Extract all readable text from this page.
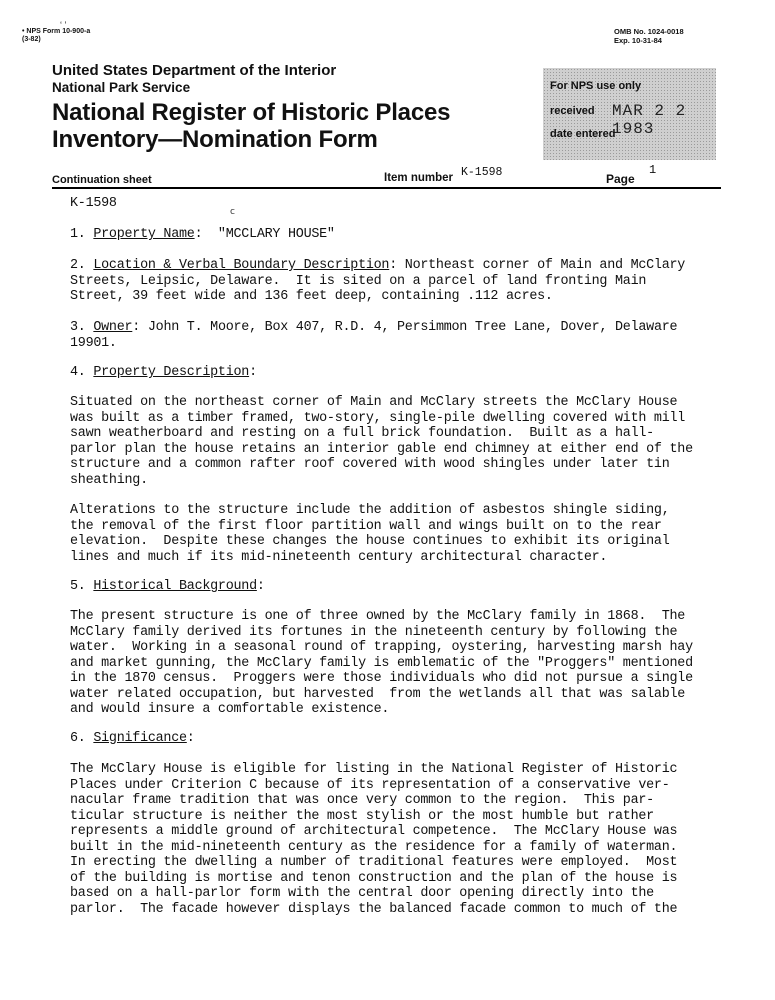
‘ ’
• NPS Form 10-900-a
(3-82)
OMB No. 1024-0018
Exp. 10-31-84
United States Department of the Interior
National Park Service
National Register of Historic Places
Inventory—Nomination Form
For NPS use only
received MAR 2 2 1983
date entered
Continuation sheet	Item number K-1598	Page
1
K-1598
c
1. Property Name:  "MCCLARY HOUSE"
2. Location & Verbal Boundary Description: Northeast corner of Main and McClary
Streets, Leipsic, Delaware.  It is sited on a parcel of land fronting Main
Street, 39 feet wide and 136 feet deep, containing .112 acres.
3. Owner: John T. Moore, Box 407, R.D. 4, Persimmon Tree Lane, Dover, Delaware
19901.
4. Property Description:
Situated on the northeast corner of Main and McClary streets the McClary House
was built as a timber framed, two-story, single-pile dwelling covered with mill
sawn weatherboard and resting on a full brick foundation.  Built as a hall-
parlor plan the house retains an interior gable end chimney at either end of the
structure and a common rafter roof covered with wood shingles under later tin
sheathing.
Alterations to the structure include the addition of asbestos shingle siding,
the removal of the first floor partition wall and wings built on to the rear
elevation.  Despite these changes the house continues to exhibit its original
lines and much if its mid-nineteenth century architectural character.
5. Historical Background:
The present structure is one of three owned by the McClary family in 1868.  The
McClary family derived its fortunes in the nineteenth century by following the
water.  Working in a seasonal round of trapping, oystering, harvesting marsh hay
and market gunning, the McClary family is emblematic of the "Proggers" mentioned
in the 1870 census.  Proggers were those individuals who did not pursue a single
water related occupation, but harvested  from the wetlands all that was salable
and would insure a comfortable existence.
6. Significance:
The McClary House is eligible for listing in the National Register of Historic
Places under Criterion C because of its representation of a conservative ver-
nacular frame tradition that was once very common to the region.  This par-
ticular structure is neither the most stylish or the most humble but rather
represents a middle ground of architectural competence.  The McClary House was
built in the mid-nineteenth century as the residence for a family of waterman.
In erecting the dwelling a number of traditional features were employed.  Most
of the building is mortise and tenon construction and the plan of the house is
based on a hall-parlor form with the central door opening directly into the
parlor.  The facade however displays the balanced facade common to much of the
